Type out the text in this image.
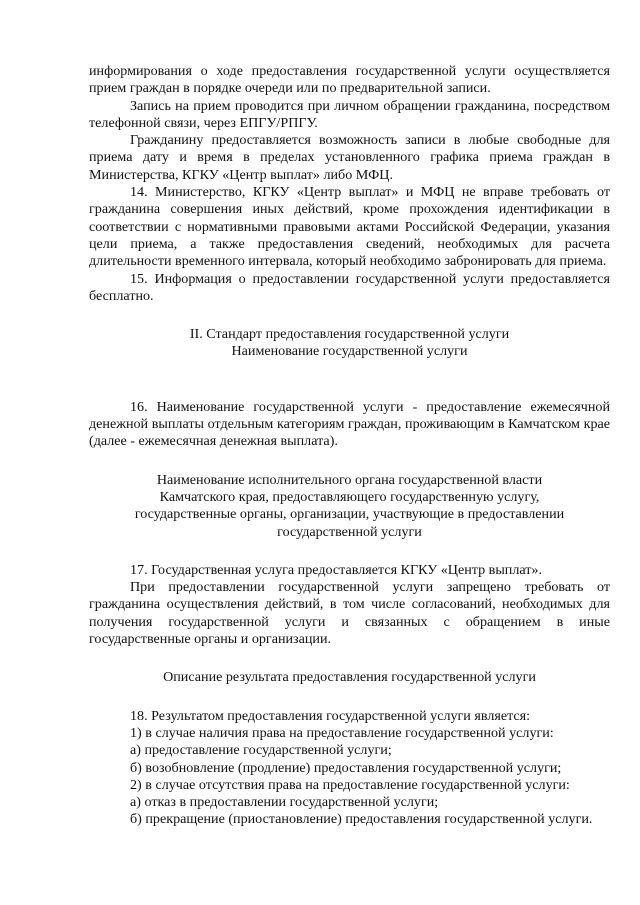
информирования о ходе предоставления государственной услуги осуществляется прием граждан в порядке очереди или по предварительной записи.

Запись на прием проводится при личном обращении гражданина, посредством телефонной связи, через ЕПГУ/РПГУ.

Гражданину предоставляется возможность записи в любые свободные для приема дату и время в пределах установленного графика приема граждан в Министерства, КГКУ «Центр выплат» либо МФЦ.

14. Министерство, КГКУ «Центр выплат» и МФЦ не вправе требовать от гражданина совершения иных действий, кроме прохождения идентификации в соответствии с нормативными правовыми актами Российской Федерации, указания цели приема, а также предоставления сведений, необходимых для расчета длительности временного интервала, который необходимо забронировать для приема.

15. Информация о предоставлении государственной услуги предоставляется бесплатно.

II. Стандарт предоставления государственной услуги

Наименование государственной услуги

16. Наименование государственной услуги - предоставление ежемесячной денежной выплаты отдельным категориям граждан, проживающим в Камчатском крае (далее - ежемесячная денежная выплата).

Наименование исполнительного органа государственной власти

Камчатского края, предоставляющего государственную услугу,

государственные органы, организации, участвующие в предоставлении

государственной услуги

17. Государственная услуга предоставляется КГКУ «Центр выплат».

При предоставлении государственной услуги запрещено требовать от гражданина осуществления действий, в том числе согласований, необходимых для получения государственной услуги и связанных с обращением в иные государственные органы и организации.

Описание результата предоставления государственной услуги

18. Результатом предоставления государственной услуги является:

1) в случае наличия права на предоставление государственной услуги:

а) предоставление государственной услуги;

б) возобновление (продление) предоставления государственной услуги;

2) в случае отсутствия права на предоставление государственной услуги:

а) отказ в предоставлении государственной услуги;

б) прекращение (приостановление) предоставления государственной услуги.
